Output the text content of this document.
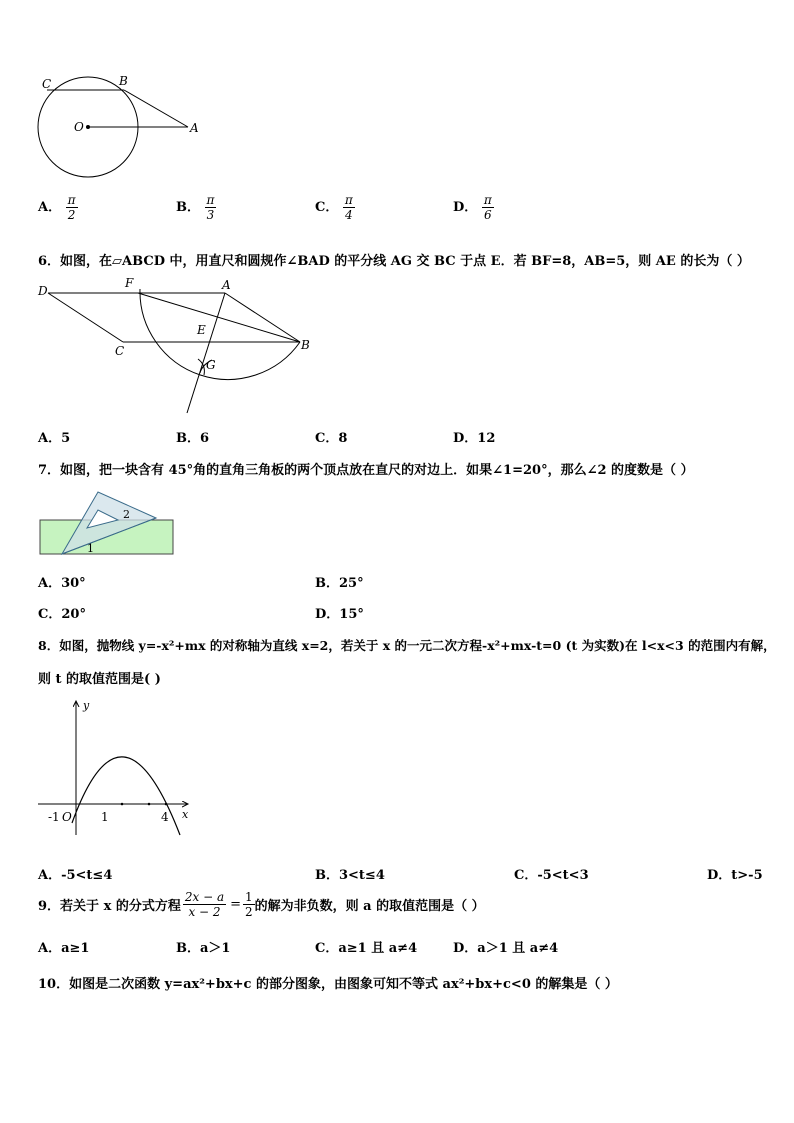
C	B
O	A
A． $\frac{\pi}{2}$	B． $\frac{\pi}{3}$	C． $\frac{\pi}{4}$	D． $\frac{\pi}{6}$
6．如图，在▱ABCD 中，用直尺和圆规作∠BAD 的平分线 AG 交 BC 于点 E．若 BF=8，AB=5，则 AE 的长为（ ）
D
F	A
E
C	B
G
A．5	B．6	C．8	D．12
7．如图，把一块含有 45°角的直角三角板的两个顶点放在直尺的对边上．如果∠1=20°，那么∠2 的度数是（ ）
2
1
A．30°	B．25°
C．20°	D．15°
8．如图，抛物线 y=-x²+mx 的对称轴为直线 x=2，若关于 x 的一元二次方程-x²+mx-t=0 (t 为实数)在 l<x<3 的范围内有解，
则 t 的取值范围是( )
y
x
-1 O 1	4
A．-5<t≤4	B．3<t≤4	C．-5<t<3	D．t>-5
9．若关于 x 的分式方程 $\frac{2x - a}{x - 2} = \frac{1}{2}$ 的解为非负数，则 a 的取值范围是（ ）
A．a≥1	B．a＞1	C．a≥1 且 a≠4	D．a＞1 且 a≠4
10．如图是二次函数 y=ax²+bx+c 的部分图象，由图象可知不等式 ax²+bx+c<0 的解集是（ ）
